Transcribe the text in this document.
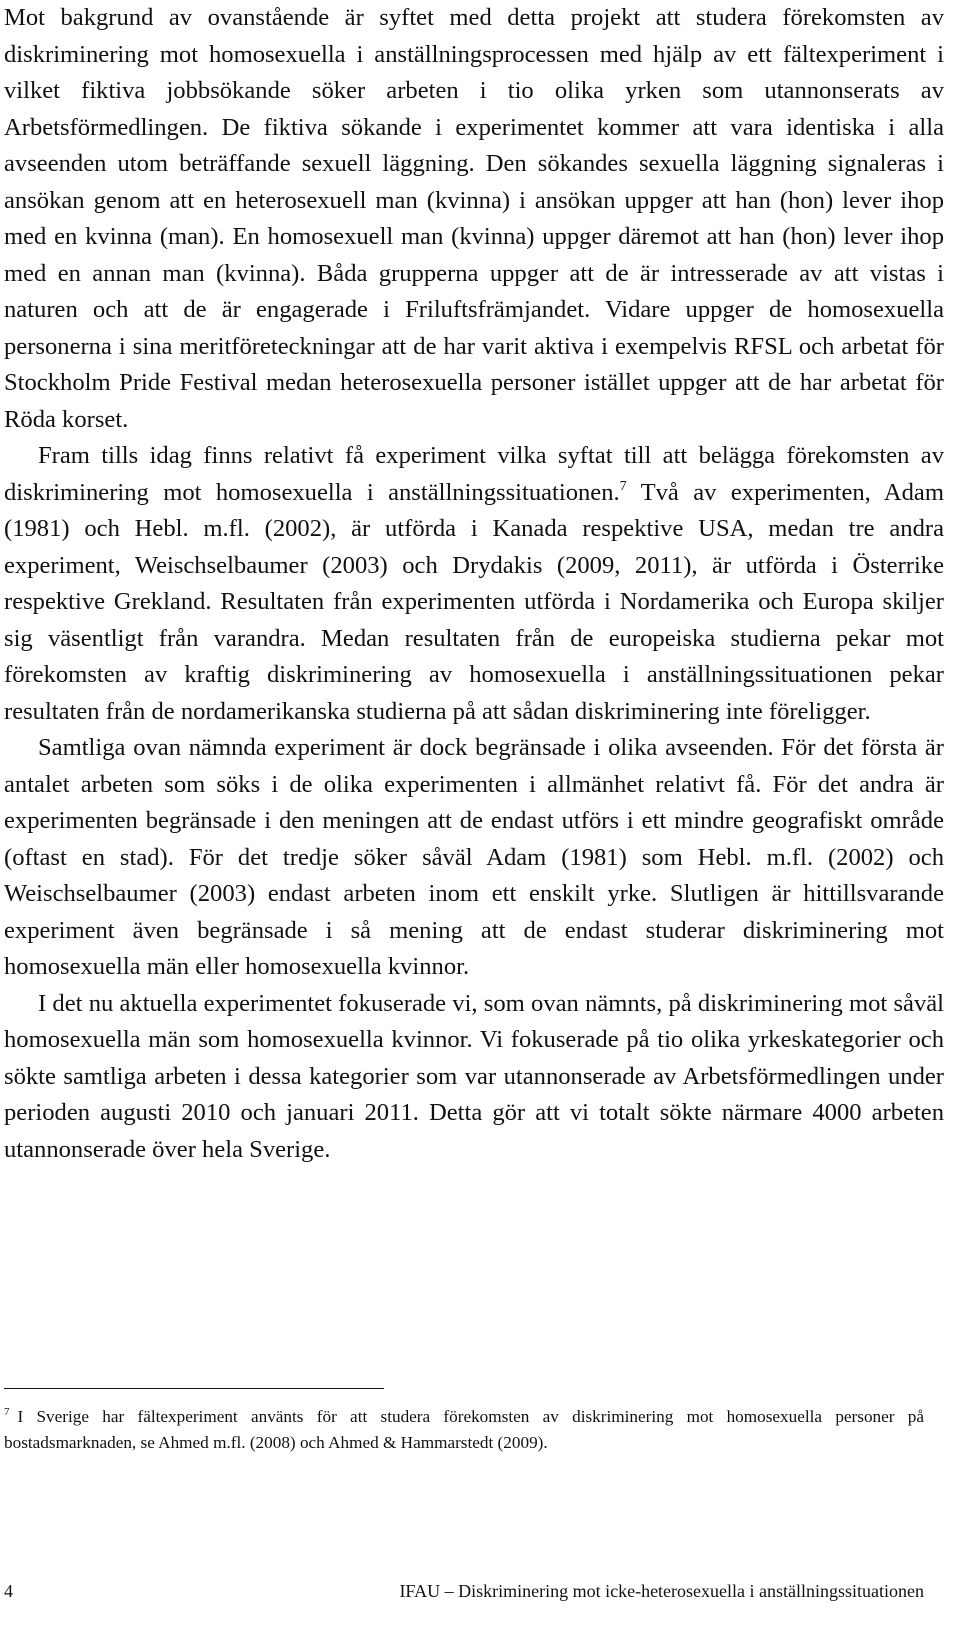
Mot bakgrund av ovanstående är syftet med detta projekt att studera förekomsten av diskriminering mot homosexuella i anställningsprocessen med hjälp av ett fältexperiment i vilket fiktiva jobbsökande söker arbeten i tio olika yrken som utannonserats av Arbetsförmedlingen. De fiktiva sökande i experimentet kommer att vara identiska i alla avseenden utom beträffande sexuell läggning. Den sökandes sexuella läggning signaleras i ansökan genom att en heterosexuell man (kvinna) i ansökan uppger att han (hon) lever ihop med en kvinna (man). En homosexuell man (kvinna) uppger däremot att han (hon) lever ihop med en annan man (kvinna). Båda grupperna uppger att de är intresserade av att vistas i naturen och att de är engagerade i Friluftsfrämjandet. Vidare uppger de homosexuella personerna i sina meritföreteckningar att de har varit aktiva i exempelvis RFSL och arbetat för Stockholm Pride Festival medan heterosexuella personer istället uppger att de har arbetat för Röda korset.

Fram tills idag finns relativt få experiment vilka syftat till att belägga förekomsten av diskriminering mot homosexuella i anställningssituationen.$^7$ Två av experimenten, Adam (1981) och Hebl. m.fl. (2002), är utförda i Kanada respektive USA, medan tre andra experiment, Weischselbaumer (2003) och Drydakis (2009, 2011), är utförda i Österrike respektive Grekland. Resultaten från experimenten utförda i Nordamerika och Europa skiljer sig väsentligt från varandra. Medan resultaten från de europeiska studierna pekar mot förekomsten av kraftig diskriminering av homosexuella i anställningssituationen pekar resultaten från de nordamerikanska studierna på att sådan diskriminering inte föreligger.

Samtliga ovan nämnda experiment är dock begränsade i olika avseenden. För det första är antalet arbeten som söks i de olika experimenten i allmänhet relativt få. För det andra är experimenten begränsade i den meningen att de endast utförs i ett mindre geografiskt område (oftast en stad). För det tredje söker såväl Adam (1981) som Hebl. m.fl. (2002) och Weischselbaumer (2003) endast arbeten inom ett enskilt yrke. Slutligen är hittillsvarande experiment även begränsade i så mening att de endast studerar diskriminering mot homosexuella män eller homosexuella kvinnor.

I det nu aktuella experimentet fokuserade vi, som ovan nämnts, på diskriminering mot såväl homosexuella män som homosexuella kvinnor. Vi fokuserade på tio olika yrkeskategorier och sökte samtliga arbeten i dessa kategorier som var utannonserade av Arbetsförmedlingen under perioden augusti 2010 och januari 2011. Detta gör att vi totalt sökte närmare 4000 arbeten utannonserade över hela Sverige.

$^7$ I Sverige har fältexperiment använts för att studera förekomsten av diskriminering mot homosexuella personer på bostadsmarknaden, se Ahmed m.fl. (2008) och Ahmed & Hammarstedt (2009).
4	IFAU – Diskriminering mot icke-heterosexuella i anställningssituationen
